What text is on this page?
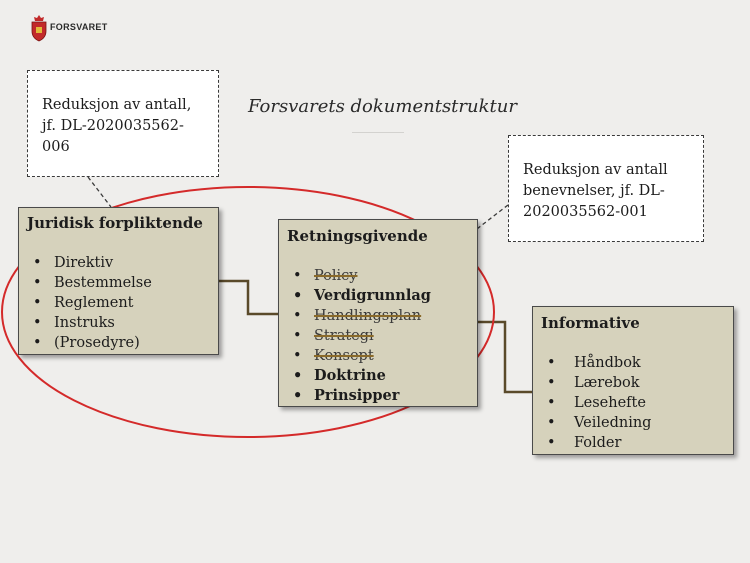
FORSVARET
Forsvarets dokumentstruktur
Reduksjon av antall,
jf. DL-2020035562-
006
Reduksjon av antall
benevnelser, jf. DL-
2020035562-001
Juridisk forpliktende
• Direktiv
• Bestemmelse
• Reglement
• Instruks
• (Prosedyre)
Retningsgivende
• Policy
• Verdigrunnlag
• Handlingsplan
• Strategi
• Konsept
• Doktrine
• Prinsipper
Informative
• Håndbok
• Lærebok
• Lesehefte
• Veiledning
• Folder
